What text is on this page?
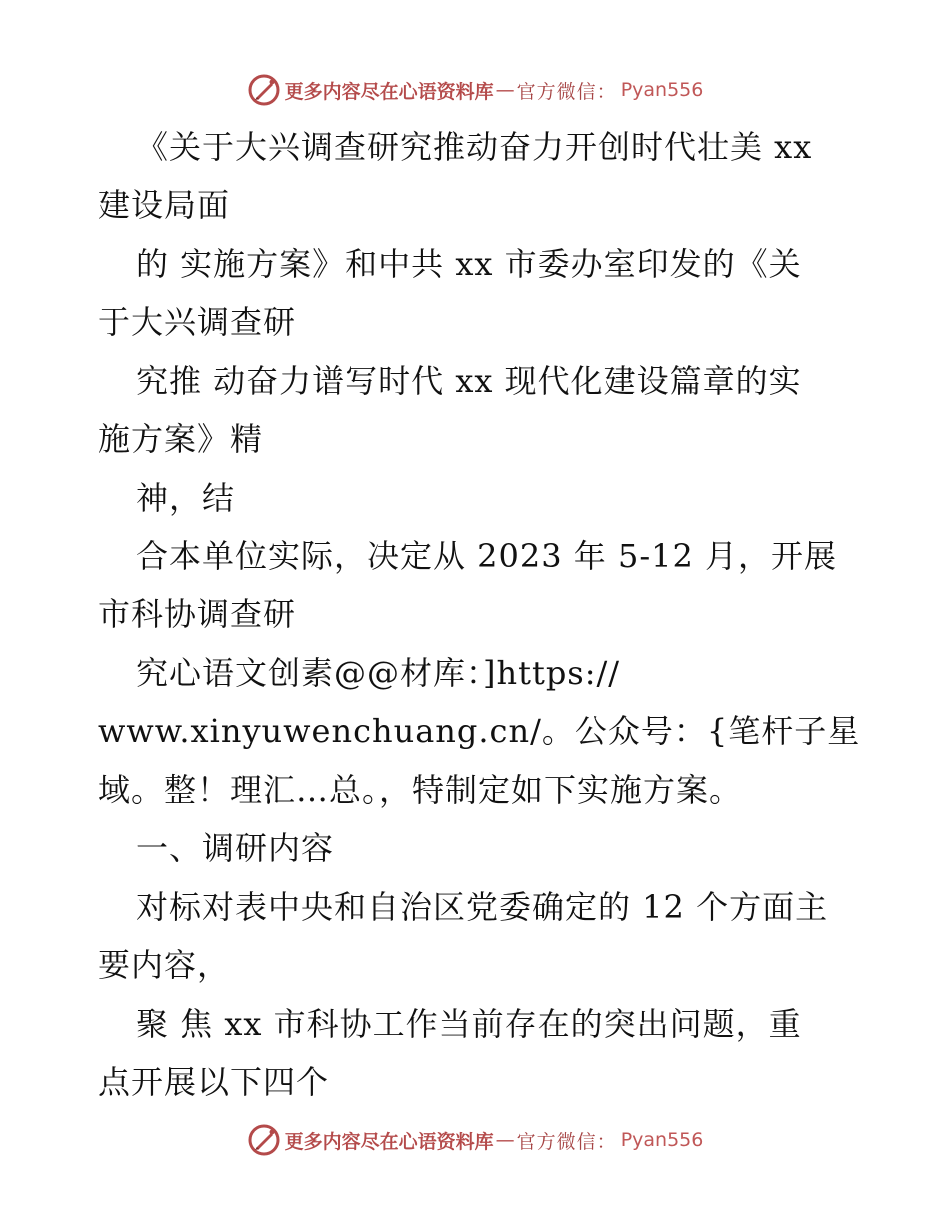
更多内容尽在心语资料库 — 官方微信： Pyan556
《关于大兴调查研究推动奋力开创时代壮美 xx
建设局面
的 实施方案》和中共 xx 市委办室印发的《关
于大兴调查研
究推 动奋力谱写时代 xx 现代化建设篇章的实
施方案》精
神，结
合本单位实际，决定从 2023 年 5-12 月，开展
市科协调查研
究心语文创素@@材库：]https://
www.xinyuwenchuang.cn/。公众号：{笔杆子星
域。整！理汇…总。，特制定如下实施方案。
一、调研内容
对标对表中央和自治区党委确定的 12 个方面主
要内容，
聚 焦 xx 市科协工作当前存在的突出问题，重
点开展以下四个
更多内容尽在心语资料库 — 官方微信： Pyan556
